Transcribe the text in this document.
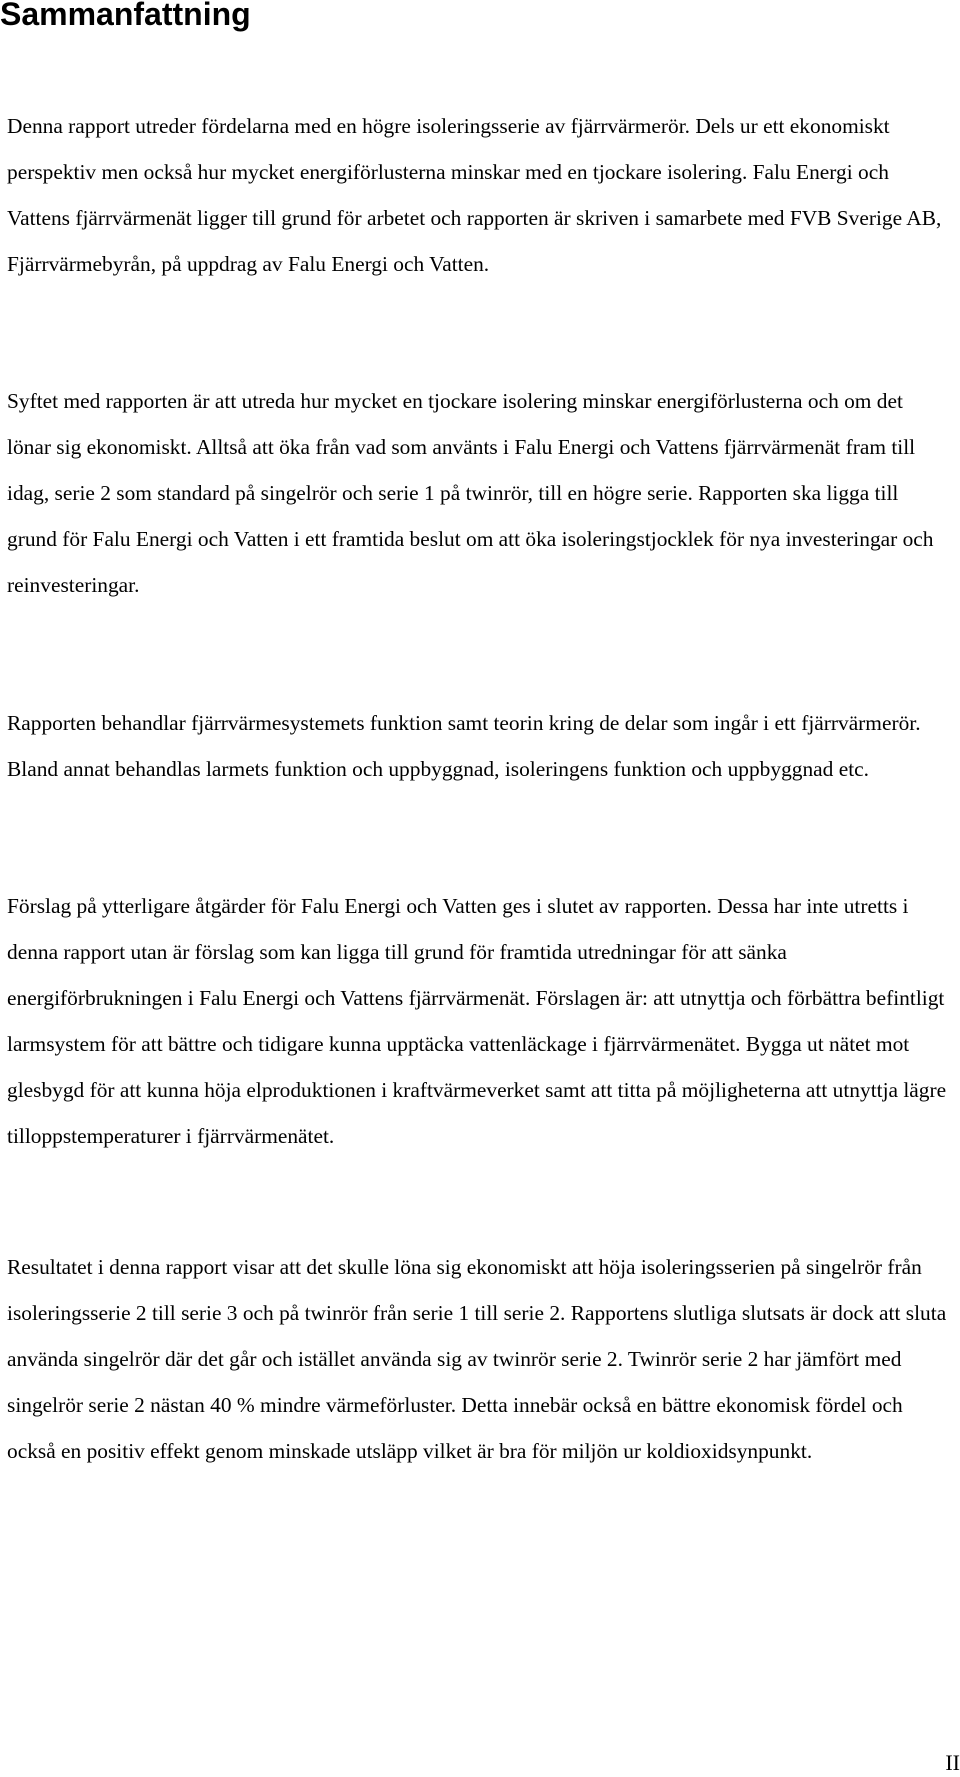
Sammanfattning

Denna rapport utreder fördelarna med en högre isoleringsserie av fjärrvärmerör. Dels ur ett ekonomiskt perspektiv men också hur mycket energiförlusterna minskar med en tjockare isolering. Falu Energi och Vattens fjärrvärmenät ligger till grund för arbetet och rapporten är skriven i samarbete med FVB Sverige AB, Fjärrvärmebyrån, på uppdrag av Falu Energi och Vatten.

Syftet med rapporten är att utreda hur mycket en tjockare isolering minskar energiförlusterna och om det lönar sig ekonomiskt. Alltså att öka från vad som använts i Falu Energi och Vattens fjärrvärmenät fram till idag, serie 2 som standard på singelrör och serie 1 på twinrör, till en högre serie. Rapporten ska ligga till grund för Falu Energi och Vatten i ett framtida beslut om att öka isoleringstjocklek för nya investeringar och reinvesteringar.

Rapporten behandlar fjärrvärmesystemets funktion samt teorin kring de delar som ingår i ett fjärrvärmerör. Bland annat behandlas larmets funktion och uppbyggnad, isoleringens funktion och uppbyggnad etc.

Förslag på ytterligare åtgärder för Falu Energi och Vatten ges i slutet av rapporten. Dessa har inte utretts i denna rapport utan är förslag som kan ligga till grund för framtida utredningar för att sänka energiförbrukningen i Falu Energi och Vattens fjärrvärmenät. Förslagen är: att utnyttja och förbättra befintligt larmsystem för att bättre och tidigare kunna upptäcka vattenläckage i fjärrvärmenätet. Bygga ut nätet mot glesbygd för att kunna höja elproduktionen i kraftvärmeverket samt att titta på möjligheterna att utnyttja lägre tilloppstemperaturer i fjärrvärmenätet.

Resultatet i denna rapport visar att det skulle löna sig ekonomiskt att höja isoleringsserien på singelrör från isoleringsserie 2 till serie 3 och på twinrör från serie 1 till serie 2. Rapportens slutliga slutsats är dock att sluta använda singelrör där det går och istället använda sig av twinrör serie 2. Twinrör serie 2 har jämfört med singelrör serie 2 nästan 40 % mindre värmeförluster. Detta innebär också en bättre ekonomisk fördel och också en positiv effekt genom minskade utsläpp vilket är bra för miljön ur koldioxidsynpunkt.

II
